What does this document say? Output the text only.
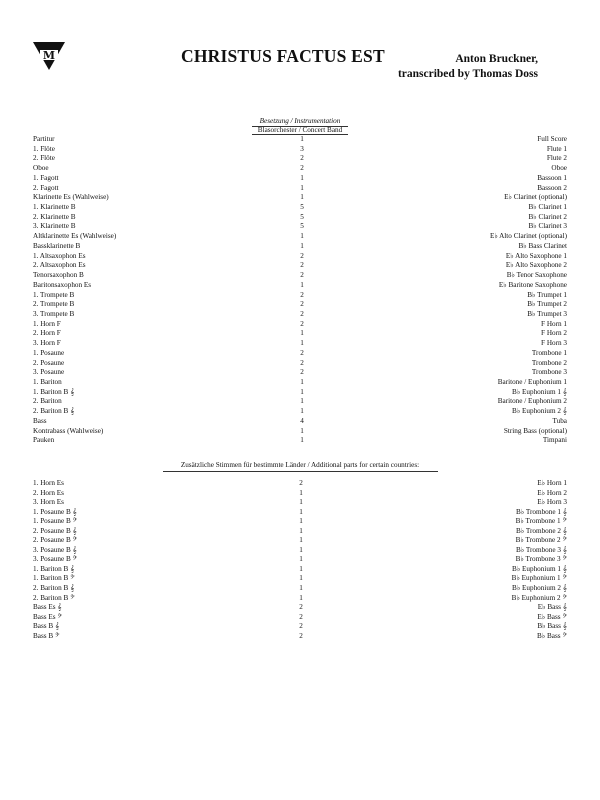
M	CHRISTUS FACTUS EST	Anton Bruckner,
transcribed by Thomas Doss
Besetzung / Instrumentation
Blasorchester / Concert Band
Partitur	1	Full Score
1. Flöte	3	Flute 1
2. Flöte	2	Flute 2
Oboe	2	Oboe
1. Fagott	1	Bassoon 1
2. Fagott	1	Bassoon 2
Klarinette Es (Wahlweise)	1	E♭ Clarinet (optional)
1. Klarinette B	5	B♭ Clarinet 1
2. Klarinette B	5	B♭ Clarinet 2
3. Klarinette B	5	B♭ Clarinet 3
Altklarinette Es (Wahlweise)	1	E♭ Alto Clarinet (optional)
Bassklarinette B	1	B♭ Bass Clarinet
1. Altsaxophon Es	2	E♭ Alto Saxophone 1
2. Altsaxophon Es	2	E♭ Alto Saxophone 2
Tenorsaxophon B	2	B♭ Tenor Saxophone
Baritonsaxophon Es	1	E♭ Baritone Saxophone
1. Trompete B	2	B♭ Trumpet 1
2. Trompete B	2	B♭ Trumpet 2
3. Trompete B	2	B♭ Trumpet 3
1. Horn F	2	F Horn 1
2. Horn F	1	F Horn 2
3. Horn F	1	F Horn 3
1. Posaune	2	Trombone 1
2. Posaune	2	Trombone 2
3. Posaune	2	Trombone 3
1. Bariton	1	Baritone / Euphonium 1
1. Bariton B 𝄞	1	B♭ Euphonium 1 𝄞
2. Bariton	1	Baritone / Euphonium 2
2. Bariton B 𝄞	1	B♭ Euphonium 2 𝄞
Bass	4	Tuba
Kontrabass (Wahlweise)	1	String Bass (optional)
Pauken	1	Timpani
Zusätzliche Stimmen für bestimmte Länder / Additional parts for certain countries:
1. Horn Es	2	E♭ Horn 1
2. Horn Es	1	E♭ Horn 2
3. Horn Es	1	E♭ Horn 3
1. Posaune B 𝄞	1	B♭ Trombone 1 𝄞
1. Posaune B 𝄢	1	B♭ Trombone 1 𝄢
2. Posaune B 𝄞	1	B♭ Trombone 2 𝄞
2. Posaune B 𝄢	1	B♭ Trombone 2 𝄢
3. Posaune B 𝄞	1	B♭ Trombone 3 𝄞
3. Posaune B 𝄢	1	B♭ Trombone 3 𝄢
1. Bariton B 𝄞	1	B♭ Euphonium 1 𝄞
1. Bariton B 𝄢	1	B♭ Euphonium 1 𝄢
2. Bariton B 𝄞	1	B♭ Euphonium 2 𝄞
2. Bariton B 𝄢	1	B♭ Euphonium 2 𝄢
Bass Es 𝄞	2	E♭ Bass 𝄞
Bass Es 𝄢	2	E♭ Bass 𝄢
Bass B 𝄞	2	B♭ Bass 𝄞
Bass B 𝄢	2	B♭ Bass 𝄢
